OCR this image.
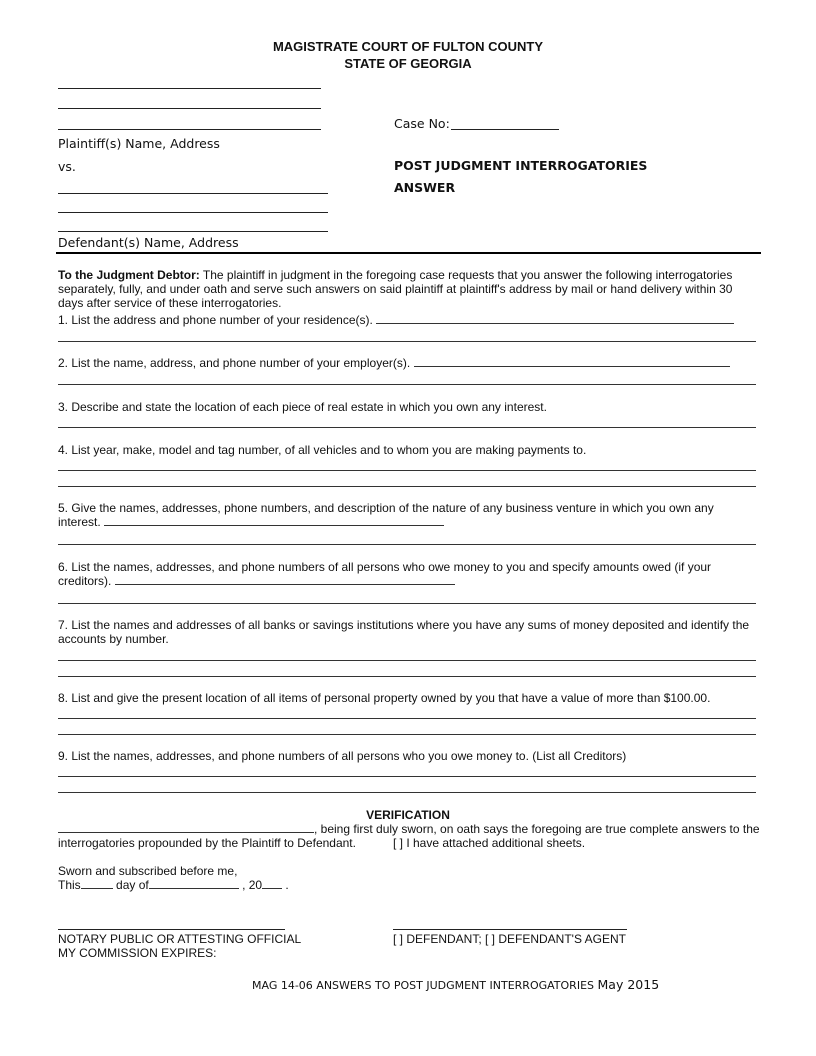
MAGISTRATE COURT OF FULTON COUNTY
STATE OF GEORGIA
Plaintiff(s) Name, Address
vs.
Case No:
POST JUDGMENT INTERROGATORIES
ANSWER
Defendant(s) Name, Address
To the Judgment Debtor: The plaintiff in judgment in the foregoing case requests that you answer the following interrogatories separately, fully, and under oath and serve such answers on said plaintiff at plaintiff's address by mail or hand delivery within 30 days after service of these interrogatories.
1. List the address and phone number of your residence(s).
2. List the name, address, and phone number of your employer(s).
3. Describe and state the location of each piece of real estate in which you own any interest.
4. List year, make, model and tag number, of all vehicles and to whom you are making payments to.
5. Give the names, addresses, phone numbers, and description of the nature of any business venture in which you own any interest.
6. List the names, addresses, and phone numbers of all persons who owe money to you and specify amounts owed (if your creditors).
7. List the names and addresses of all banks or savings institutions where you have any sums of money deposited and identify the accounts by number.
8. List and give the present location of all items of personal property owned by you that have a value of more than $100.00.
9. List the names, addresses, and phone numbers of all persons who you owe money to. (List all Creditors)
VERIFICATION
, being first duly sworn, on oath says the foregoing are true complete answers to the
interrogatories propounded by the Plaintiff to Defendant.	[ ] I have attached additional sheets.
Sworn and subscribed before me,
This	day of	, 20 .
NOTARY PUBLIC OR ATTESTING OFFICIAL
MY COMMISSION EXPIRES:
[ ] DEFENDANT; [ ] DEFENDANT'S AGENT
MAG 14-06 ANSWERS TO POST JUDGMENT INTERROGATORIES May 2015
